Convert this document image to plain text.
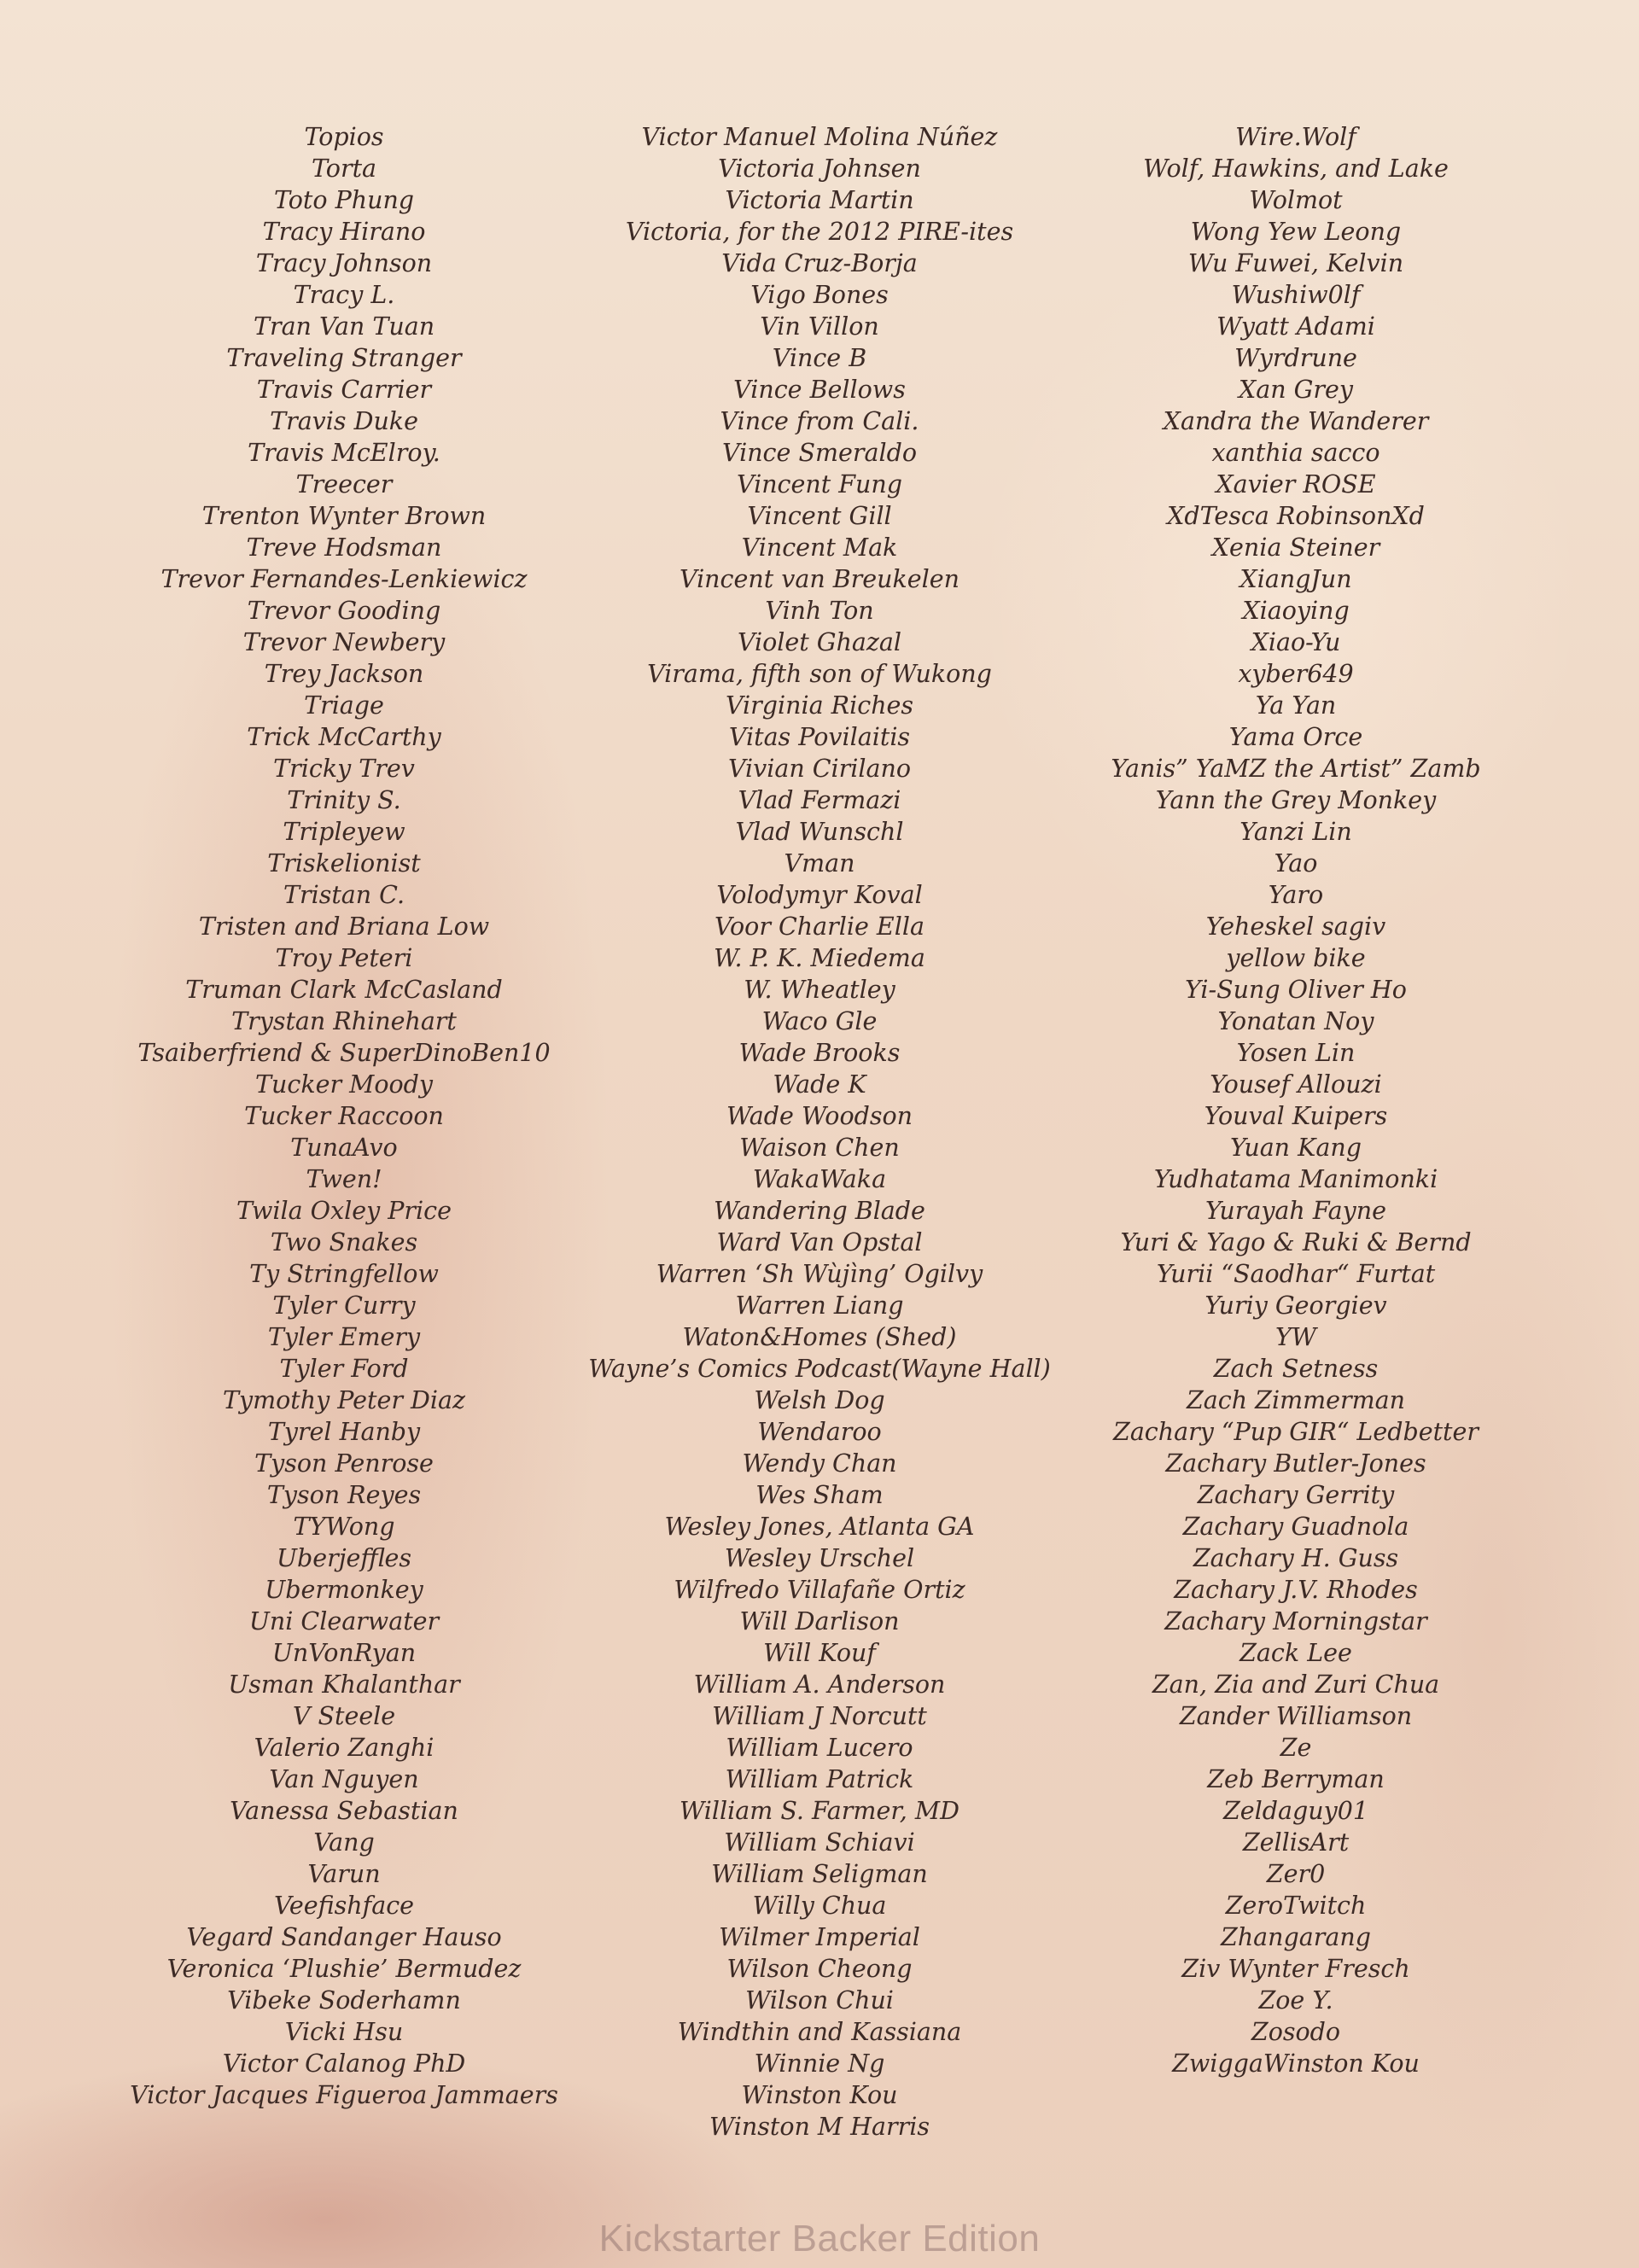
Topios
Torta
Toto Phung
Tracy Hirano
Tracy Johnson
Tracy L.
Tran Van Tuan
Traveling Stranger
Travis Carrier
Travis Duke
Travis McElroy.
Treecer
Trenton Wynter Brown
Treve Hodsman
Trevor Fernandes-Lenkiewicz
Trevor Gooding
Trevor Newbery
Trey Jackson
Triage
Trick McCarthy
Tricky Trev
Trinity S.
Tripleyew
Triskelionist
Tristan C.
Tristen and Briana Low
Troy Peteri
Truman Clark McCasland
Trystan Rhinehart
Tsaiberfriend & SuperDinoBen10
Tucker Moody
Tucker Raccoon
TunaAvo
Twen!
Twila Oxley Price
Two Snakes
Ty Stringfellow
Tyler Curry
Tyler Emery
Tyler Ford
Tymothy Peter Diaz
Tyrel Hanby
Tyson Penrose
Tyson Reyes
TYWong
Uberjeffles
Ubermonkey
Uni Clearwater
UnVonRyan
Usman Khalanthar
V Steele
Valerio Zanghi
Van Nguyen
Vanessa Sebastian
Vang
Varun
Veefishface
Vegard Sandanger Hauso
Veronica ‘Plushie’ Bermudez
Vibeke Soderhamn
Vicki Hsu
Victor Calanog PhD
Victor Jacques Figueroa Jammaers
Victor Manuel Molina Núñez
Victoria Johnsen
Victoria Martin
Victoria, for the 2012 PIRE-ites
Vida Cruz-Borja
Vigo Bones
Vin Villon
Vince B
Vince Bellows
Vince from Cali.
Vince Smeraldo
Vincent Fung
Vincent Gill
Vincent Mak
Vincent van Breukelen
Vinh Ton
Violet Ghazal
Virama, fifth son of Wukong
Virginia Riches
Vitas Povilaitis
Vivian Cirilano
Vlad Fermazi
Vlad Wunschl
Vman
Volodymyr Koval
Voor Charlie Ella
W. P. K. Miedema
W. Wheatley
Waco Gle
Wade Brooks
Wade K
Wade Woodson
Waison Chen
WakaWaka
Wandering Blade
Ward Van Opstal
Warren ‘Sh Wùjìng’ Ogilvy
Warren Liang
Waton&Homes (Shed)
Wayne’s Comics Podcast(Wayne Hall)
Welsh Dog
Wendaroo
Wendy Chan
Wes Sham
Wesley Jones, Atlanta GA
Wesley Urschel
Wilfredo Villafañe Ortiz
Will Darlison
Will Kouf
William A. Anderson
William J Norcutt
William Lucero
William Patrick
William S. Farmer, MD
William Schiavi
William Seligman
Willy Chua
Wilmer Imperial
Wilson Cheong
Wilson Chui
Windthin and Kassiana
Winnie Ng
Winston Kou
Winston M Harris
Wire.Wolf
Wolf, Hawkins, and Lake
Wolmot
Wong Yew Leong
Wu Fuwei, Kelvin
Wushiw0lf
Wyatt Adami
Wyrdrune
Xan Grey
Xandra the Wanderer
xanthia sacco
Xavier ROSE
XdTesca RobinsonXd
Xenia Steiner
XiangJun
Xiaoying
Xiao-Yu
xyber649
Ya Yan
Yama Orce
Yanis” YaMZ the Artist” Zamb
Yann the Grey Monkey
Yanzi Lin
Yao
Yaro
Yeheskel sagiv
yellow bike
Yi-Sung Oliver Ho
Yonatan Noy
Yosen Lin
Yousef Allouzi
Youval Kuipers
Yuan Kang
Yudhatama Manimonki
Yurayah Fayne
Yuri & Yago & Ruki & Bernd
Yurii “Saodhar“ Furtat
Yuriy Georgiev
YW
Zach Setness
Zach Zimmerman
Zachary “Pup GIR“ Ledbetter
Zachary Butler-Jones
Zachary Gerrity
Zachary Guadnola
Zachary H. Guss
Zachary J.V. Rhodes
Zachary Morningstar
Zack Lee
Zan, Zia and Zuri Chua
Zander Williamson
Ze
Zeb Berryman
Zeldaguy01
ZellisArt
Zer0
ZeroTwitch
Zhangarang
Ziv Wynter Fresch
Zoe Y.
Zosodo
ZwiggaWinston Kou
Kickstarter Backer Edition
